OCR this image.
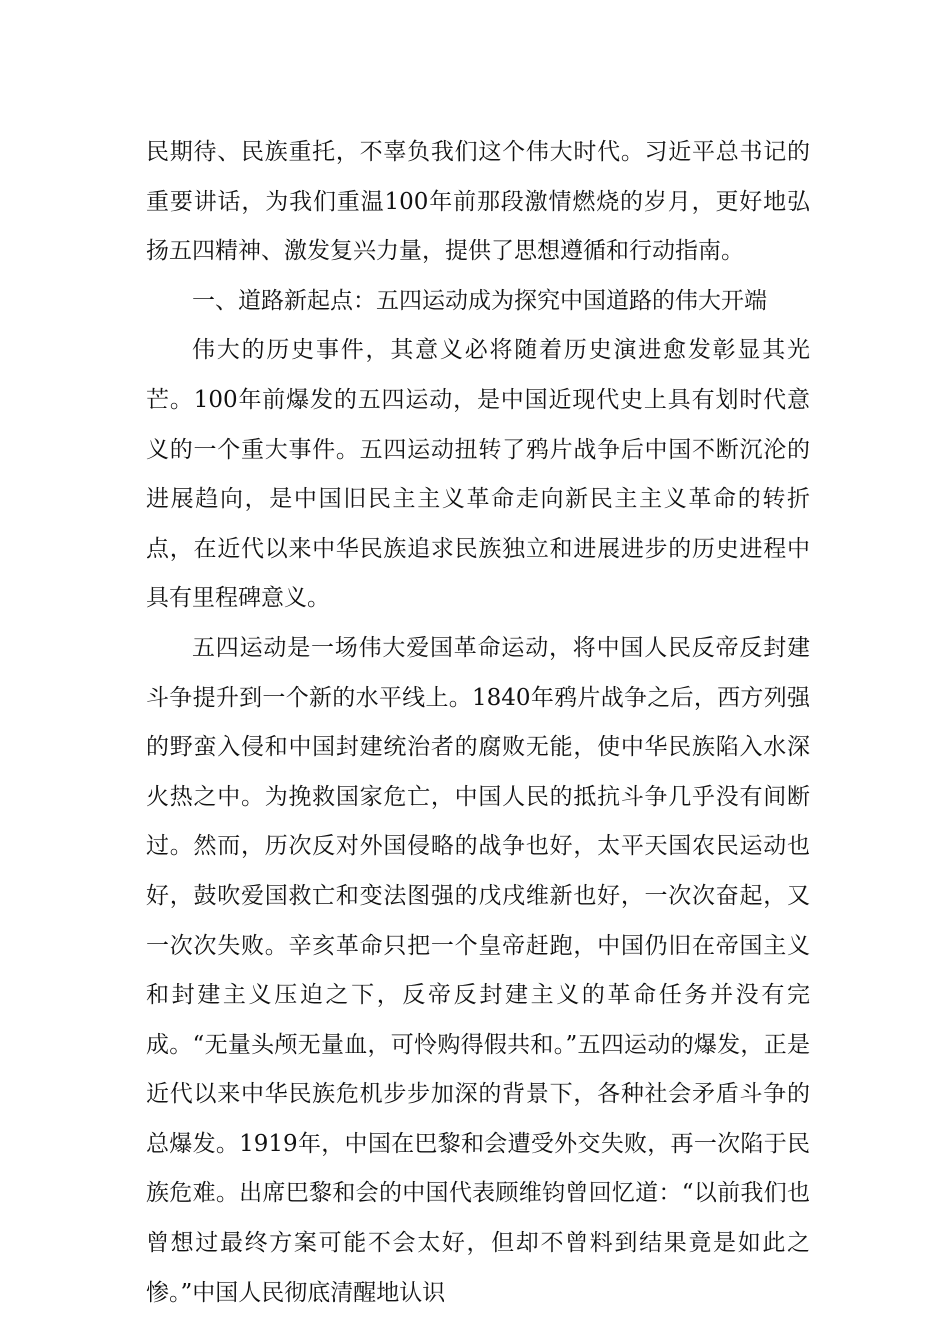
民期待、民族重托，不辜负我们这个伟大时代。习近平总书记的重要讲话，为我们重温100年前那段激情燃烧的岁月，更好地弘扬五四精神、激发复兴力量，提供了思想遵循和行动指南。

一、道路新起点：五四运动成为探究中国道路的伟大开端

伟大的历史事件，其意义必将随着历史演进愈发彰显其光芒。100年前爆发的五四运动，是中国近现代史上具有划时代意义的一个重大事件。五四运动扭转了鸦片战争后中国不断沉沦的进展趋向，是中国旧民主主义革命走向新民主主义革命的转折点，在近代以来中华民族追求民族独立和进展进步的历史进程中具有里程碑意义。

五四运动是一场伟大爱国革命运动，将中国人民反帝反封建斗争提升到一个新的水平线上。1840年鸦片战争之后，西方列强的野蛮入侵和中国封建统治者的腐败无能，使中华民族陷入水深火热之中。为挽救国家危亡，中国人民的抵抗斗争几乎没有间断过。然而，历次反对外国侵略的战争也好，太平天国农民运动也好，鼓吹爱国救亡和变法图强的戊戌维新也好，一次次奋起，又一次次失败。辛亥革命只把一个皇帝赶跑，中国仍旧在帝国主义和封建主义压迫之下，反帝反封建主义的革命任务并没有完成。“无量头颅无量血，可怜购得假共和。”五四运动的爆发，正是近代以来中华民族危机步步加深的背景下，各种社会矛盾斗争的总爆发。1919年，中国在巴黎和会遭受外交失败，再一次陷于民族危难。出席巴黎和会的中国代表顾维钧曾回忆道：“以前我们也曾想过最终方案可能不会太好，但却不曾料到结果竟是如此之惨。”中国人民彻底清醒地认识
